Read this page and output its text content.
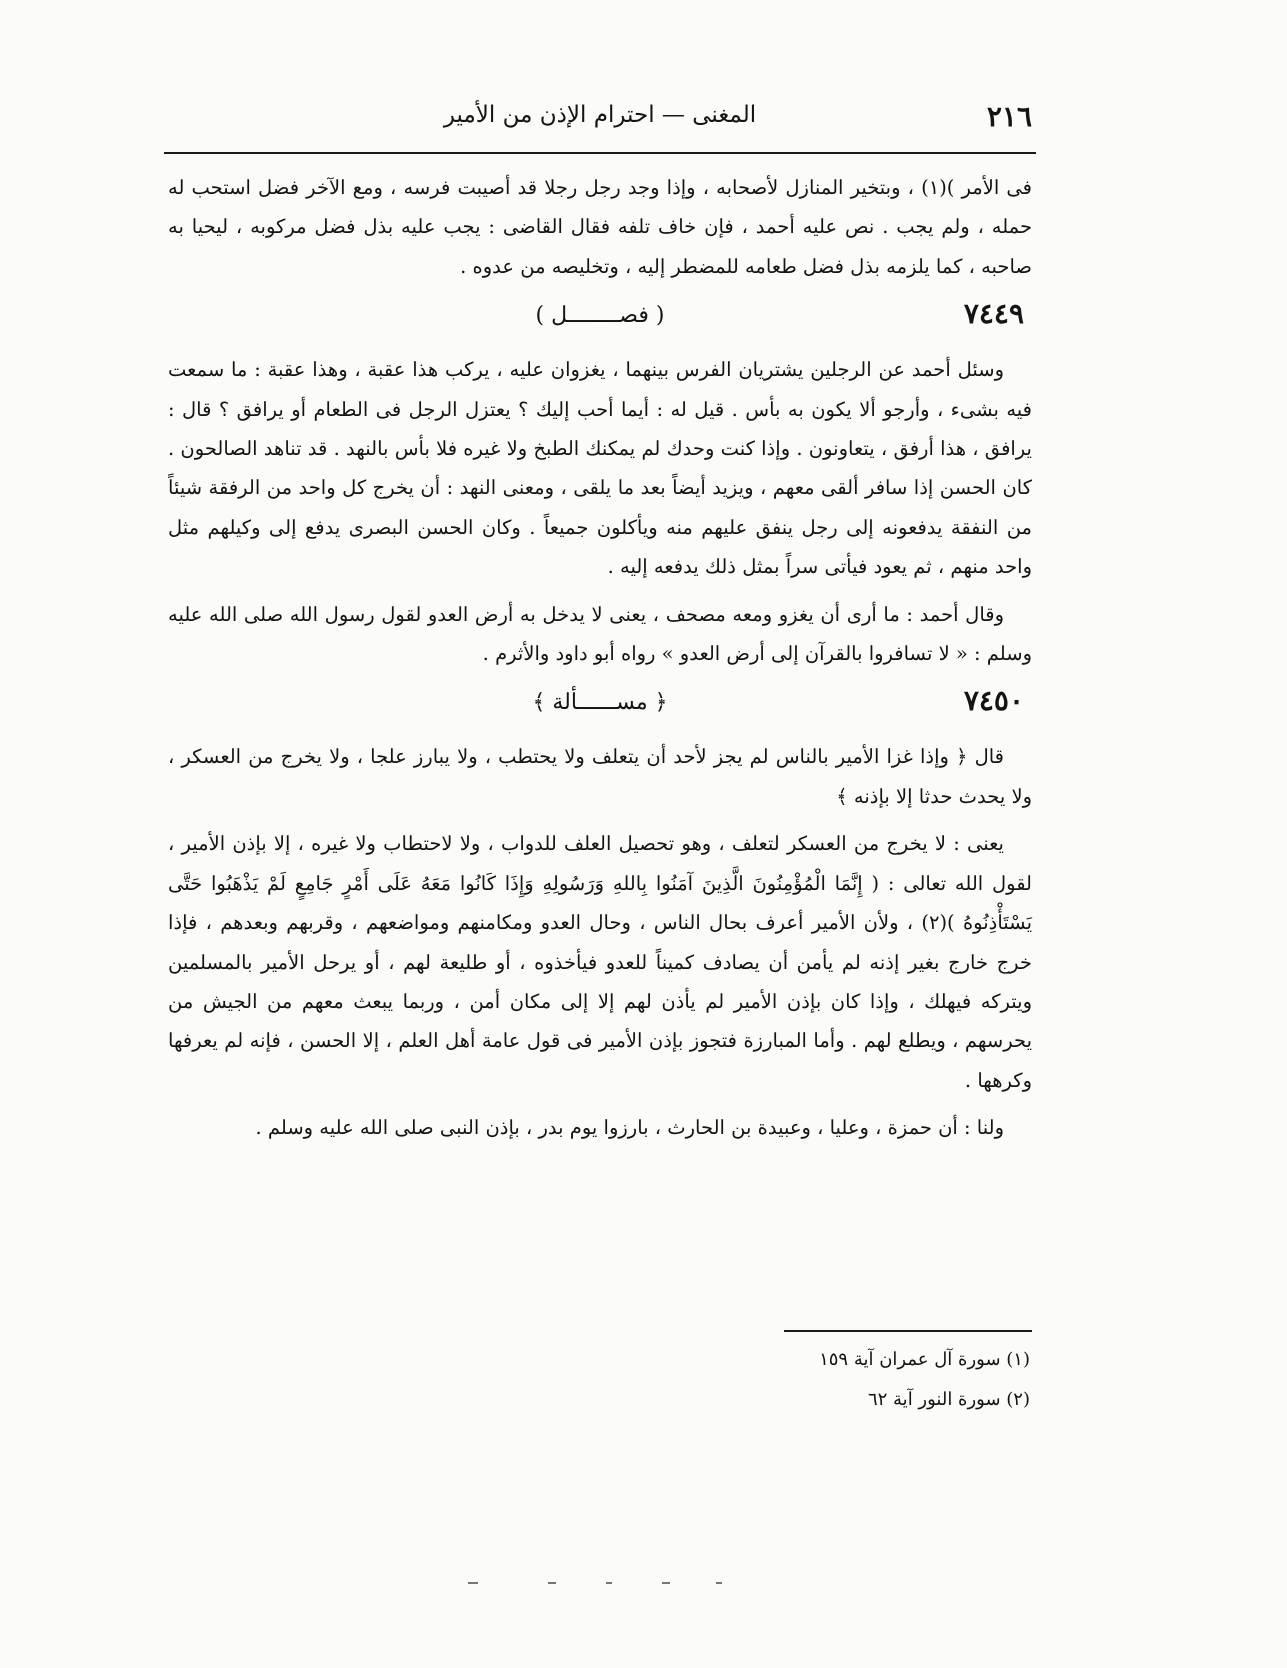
٢١٦
المغنى — احترام الإذن من الأمير

فى الأمر )(١) ، وبتخير المنازل لأصحابه ، وإذا وجد رجل رجلا قد أصيبت فرسه ، ومع الآخر فضل استحب له حمله ، ولم يجب . نص عليه أحمد ، فإن خاف تلفه فقال القاضى : يجب عليه بذل فضل مركوبه ، ليحيا به صاحبه ، كما يلزمه بذل فضل طعامه للمضطر إليه ، وتخليصه من عدوه .

٧٤٤٩
( فصــــــــل )

وسئل أحمد عن الرجلين يشتريان الفرس بينهما ، يغزوان عليه ، يركب هذا عقبة ، وهذا عقبة : ما سمعت فيه بشىء ، وأرجو ألا يكون به بأس . قيل له : أيما أحب إليك ؟ يعتزل الرجل فى الطعام أو يرافق ؟ قال : يرافق ، هذا أرفق ، يتعاونون . وإذا كنت وحدك لم يمكنك الطبخ ولا غيره فلا بأس بالنهد . قد تناهد الصالحون . كان الحسن إذا سافر ألقى معهم ، ويزيد أيضاً بعد ما يلقى ، ومعنى النهد : أن يخرج كل واحد من الرفقة شيئاً من النفقة يدفعونه إلى رجل ينفق عليهم منه ويأكلون جميعاً . وكان الحسن البصرى يدفع إلى وكيلهم مثل واحد منهم ، ثم يعود فيأتى سراً بمثل ذلك يدفعه إليه .

وقال أحمد : ما أرى أن يغزو ومعه مصحف ، يعنى لا يدخل به أرض العدو لقول رسول الله صلى الله عليه وسلم : « لا تسافروا بالقرآن إلى أرض العدو » رواه أبو داود والأثرم .

٧٤٥٠
﴿ مســــــألة ﴾

قال ﴿ وإذا غزا الأمير بالناس لم يجز لأحد أن يتعلف ولا يحتطب ، ولا يبارز علجا ، ولا يخرج من العسكر ، ولا يحدث حدثا إلا بإذنه ﴾

يعنى : لا يخرج من العسكر لتعلف ، وهو تحصيل العلف للدواب ، ولا لاحتطاب ولا غيره ، إلا بإذن الأمير ، لقول الله تعالى : ( إِنَّمَا الْمُؤْمِنُونَ الَّذِينَ آمَنُوا بِاللهِ وَرَسُولِهِ وَإِذَا كَانُوا مَعَهُ عَلَى أَمْرٍ جَامِعٍ لَمْ يَذْهَبُوا حَتَّى يَسْتَأْذِنُوهُ )(٢) ، ولأن الأمير أعرف بحال الناس ، وحال العدو ومكامنهم ومواضعهم ، وقربهم وبعدهم ، فإذا خرج خارج بغير إذنه لم يأمن أن يصادف كميناً للعدو فيأخذوه ، أو طليعة لهم ، أو يرحل الأمير بالمسلمين ويتركه فيهلك ، وإذا كان بإذن الأمير لم يأذن لهم إلا إلى مكان أمن ، وربما يبعث معهم من الجيش من يحرسهم ، ويطلع لهم . وأما المبارزة فتجوز بإذن الأمير فى قول عامة أهل العلم ، إلا الحسن ، فإنه لم يعرفها وكرهها .

ولنا : أن حمزة ، وعليا ، وعبيدة بن الحارث ، بارزوا يوم بدر ، بإذن النبى صلى الله عليه وسلم .

(١) سورة آل عمران آية ١٥٩
(٢) سورة النور آية ٦٢
